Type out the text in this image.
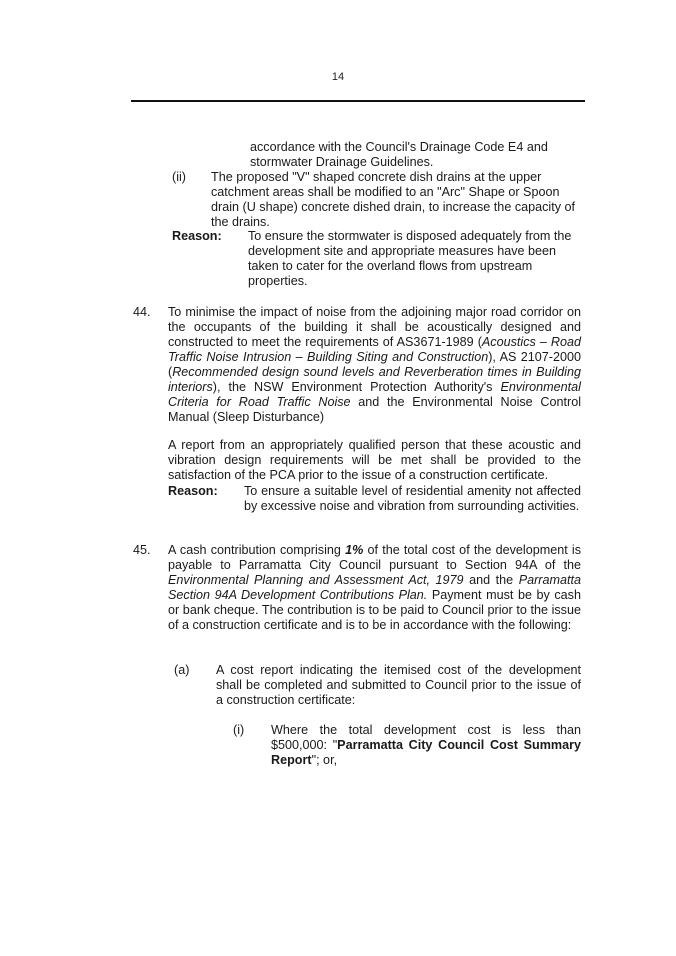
14
accordance with the Council's Drainage Code E4 and stormwater Drainage Guidelines.
(ii) The proposed "V" shaped concrete dish drains at the upper catchment areas shall be modified to an "Arc" Shape or Spoon drain (U shape) concrete dished drain, to increase the capacity of the drains.
Reason: To ensure the stormwater is disposed adequately from the development site and appropriate measures have been taken to cater for the overland flows from upstream properties.
44. To minimise the impact of noise from the adjoining major road corridor on the occupants of the building it shall be acoustically designed and constructed to meet the requirements of AS3671-1989 (Acoustics – Road Traffic Noise Intrusion – Building Siting and Construction), AS 2107-2000 (Recommended design sound levels and Reverberation times in Building interiors), the NSW Environment Protection Authority's Environmental Criteria for Road Traffic Noise and the Environmental Noise Control Manual (Sleep Disturbance)
A report from an appropriately qualified person that these acoustic and vibration design requirements will be met shall be provided to the satisfaction of the PCA prior to the issue of a construction certificate.
Reason: To ensure a suitable level of residential amenity not affected by excessive noise and vibration from surrounding activities.
45. A cash contribution comprising 1% of the total cost of the development is payable to Parramatta City Council pursuant to Section 94A of the Environmental Planning and Assessment Act, 1979 and the Parramatta Section 94A Development Contributions Plan. Payment must be by cash or bank cheque. The contribution is to be paid to Council prior to the issue of a construction certificate and is to be in accordance with the following:
(a) A cost report indicating the itemised cost of the development shall be completed and submitted to Council prior to the issue of a construction certificate:
(i) Where the total development cost is less than $500,000: "Parramatta City Council Cost Summary Report"; or,
